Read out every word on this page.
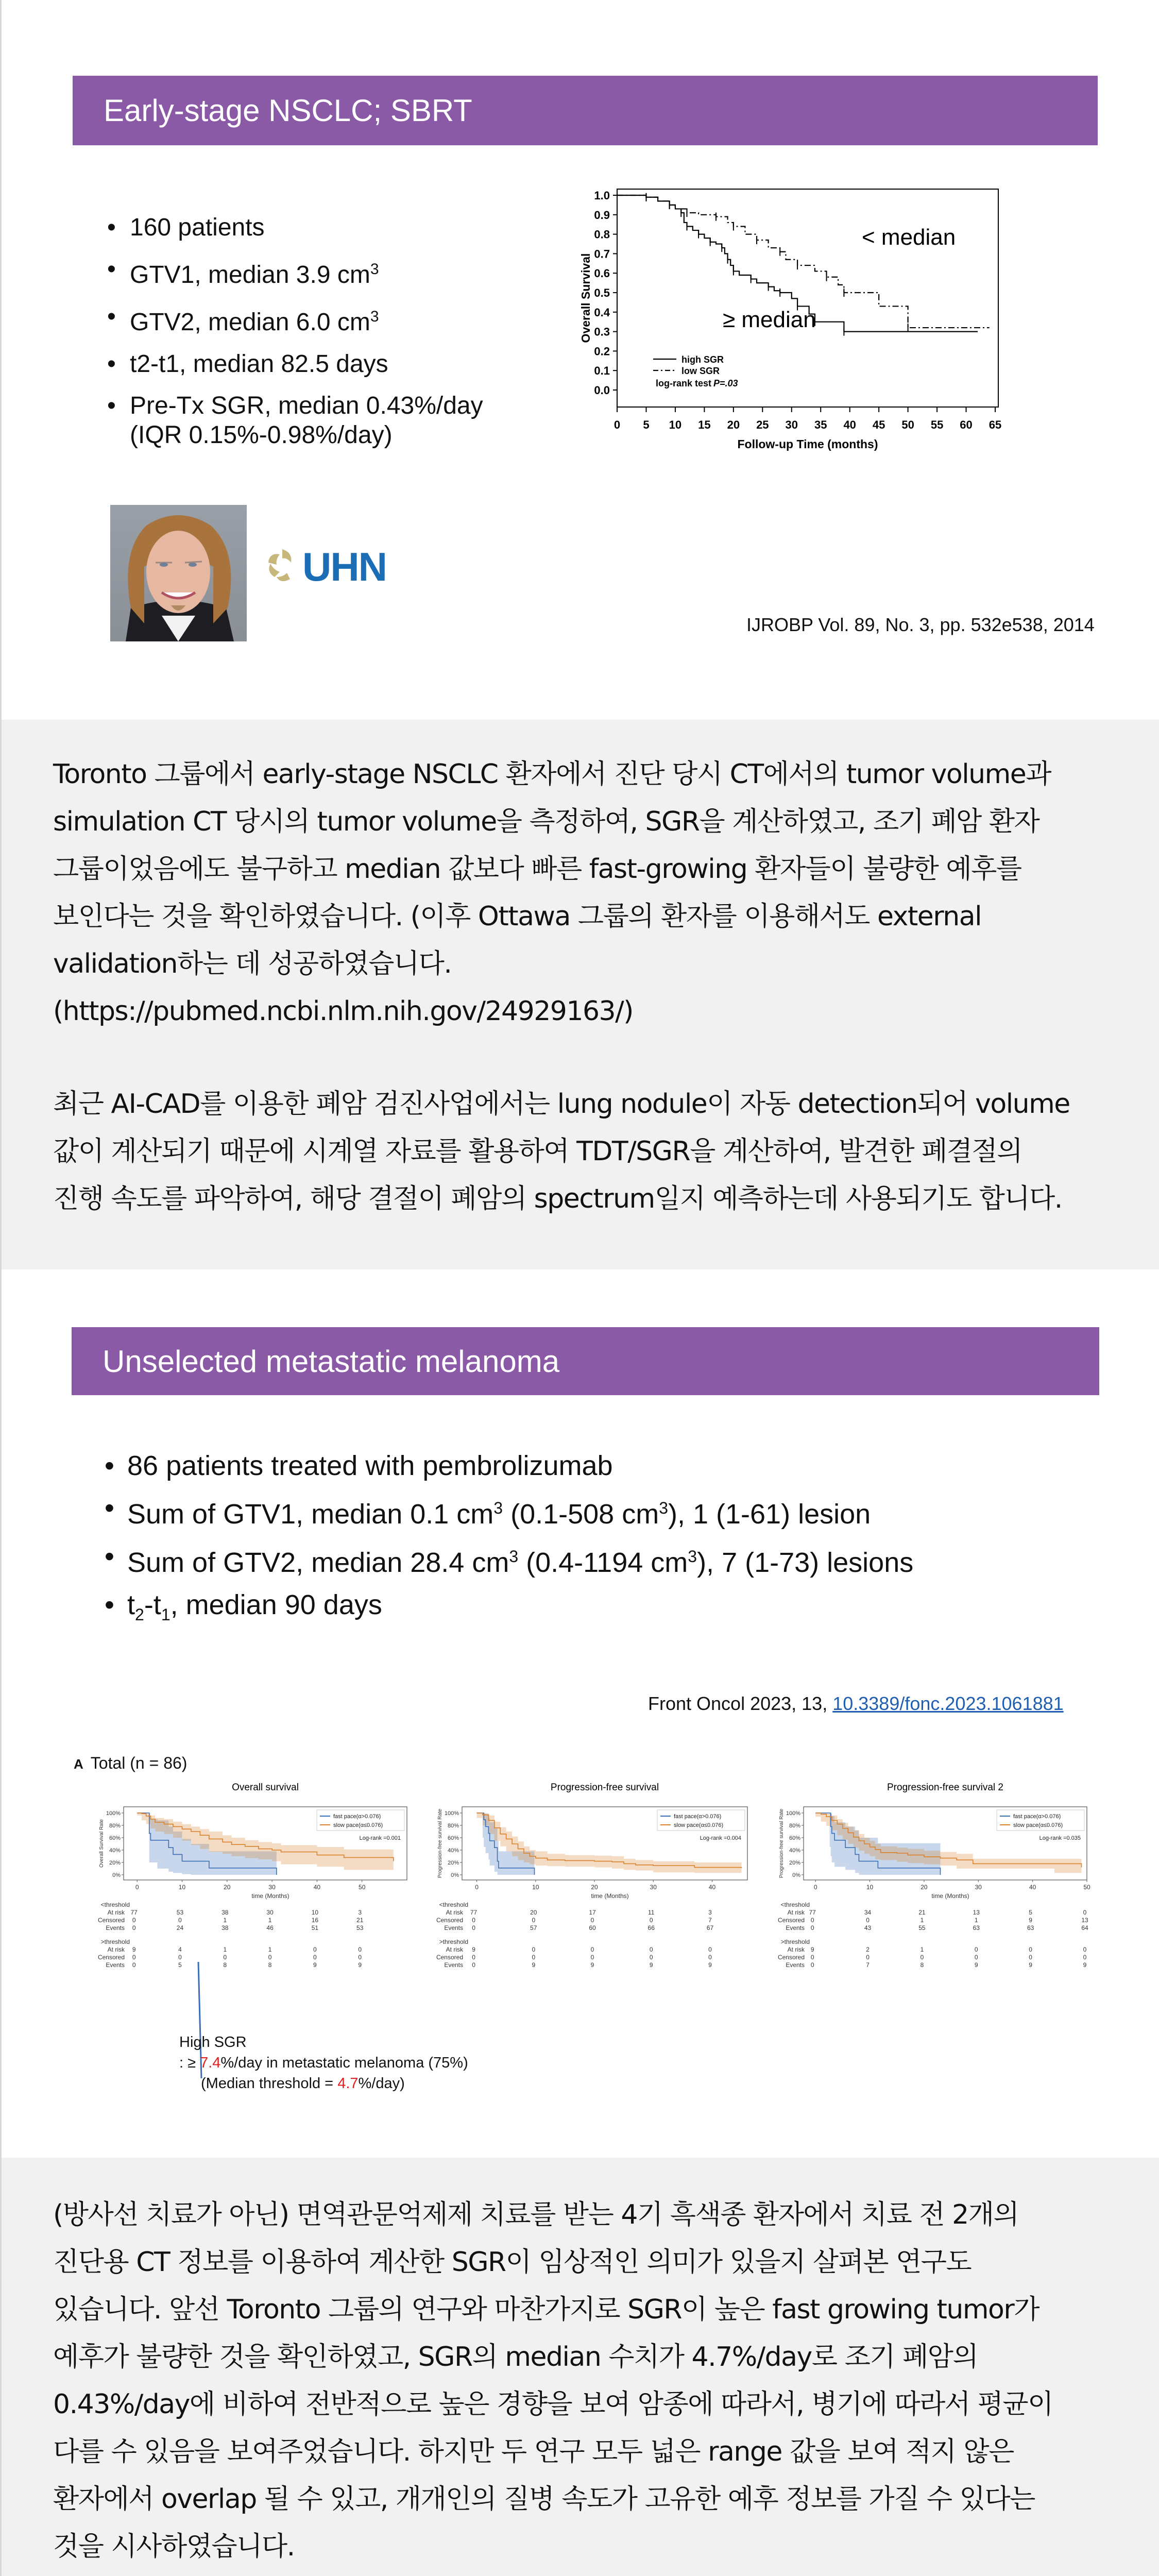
Early-stage NSCLC; SBRT
• 160 patients
• GTV1, median 3.9 $cm^3$
• GTV2, median 6.0 $cm^3$
• t2-t1, median 82.5 days
• Pre-Tx SGR, median 0.43%/day
(IQR 0.15%-0.98%/day)
UHN
0.0
0.1
0.2
0.3
0.4
0.5
0.6
0.7
0.8
0.9
1.0
0 5 10 15 20 25 30 35 40 45 50 55 60 65
Follow-up Time (months)
Overall Survival
< median
≥ median
high SGR
low SGR
log-rank test P=.03
IJROBP Vol. 89, No. 3, pp. 532e538, 2014
Toronto 그룹에서 early-stage NSCLC 환자에서 진단 당시 CT에서의 tumor volume과
simulation CT 당시의 tumor volume을 측정하여, SGR을 계산하였고, 조기 폐암 환자
그룹이었음에도 불구하고 median 값보다 빠른 fast-growing 환자들이 불량한 예후를
보인다는 것을 확인하였습니다. (이후 Ottawa 그룹의 환자를 이용해서도 external
validation하는 데 성공하였습니다.
(https://pubmed.ncbi.nlm.nih.gov/24929163/)
최근 AI-CAD를 이용한 폐암 검진사업에서는 lung nodule이 자동 detection되어 volume
값이 계산되기 때문에 시계열 자료를 활용하여 TDT/SGR을 계산하여, 발견한 폐결절의
진행 속도를 파악하여, 해당 결절이 폐암의 spectrum일지 예측하는데 사용되기도 합니다.
Unselected metastatic melanoma
• 86 patients treated with pembrolizumab
• Sum of GTV1, median 0.1 $cm^3$ (0.1-508 $cm^3$), 1 (1-61) lesion
• Sum of GTV2, median 28.4 $cm^3$ (0.4-1194 $cm^3$), 7 (1-73) lesions
• $t_2-t_1$, median 90 days
Front Oncol 2023, 13, 10.3389/fonc.2023.1061881
A Total (n = 86)
Overall survival
0%
20%
40%
60%
80%
100%
Overall Survival Rate
0	10	20	30	40	50
time (Months)
fast pace(α>0.076)
slow pace(α≤0.076)
Log-rank =0.001
<threshold
At risk 77	53	38	30	10	3
Censored 0	0	1	1	16	21
Events 0	24	38	46	51	53
>threshold
At risk 9	4	1	1	0	0
Censored 0	0	0	0	0	0
Events 0	5	8	8	9	9
Progression-free survival
0%
20%
40%
60%
80%
100%
Progression-free survival Rate
0	10	20	30	40
time (Months)
fast pace(α>0.076)
slow pace(α≤0.076)
Log-rank =0.004
<threshold
At risk 77	20	17	11	3
Censored 0	0	0	0	7
Events 0	57	60	66	67
>threshold
At risk 9	0	0	0	0
Censored 0	0	0	0	0
Events 0	9	9	9	9
Progression-free survival 2
0%
20%
40%
60%
80%
100%
Progression-free survival Rate
0	10	20	30	40	50
time (Months)
fast pace(α>0.076)
slow pace(α≤0.076)
Log-rank =0.035
<threshold
At risk 77	34	21	13	5	0
Censored 0	0	1	1	9	13
Events 0	43	55	63	63	64
>threshold
At risk 9	2	1	0	0	0
Censored 0	0	0	0	0	0
Events 0	7	8	9	9	9
High SGR
: ≥ 7.4%/day in metastatic melanoma (75%)
(Median threshold = 4.7%/day)
(방사선 치료가 아닌) 면역관문억제제 치료를 받는 4기 흑색종 환자에서 치료 전 2개의
진단용 CT 정보를 이용하여 계산한 SGR이 임상적인 의미가 있을지 살펴본 연구도
있습니다. 앞선 Toronto 그룹의 연구와 마찬가지로 SGR이 높은 fast growing tumor가
예후가 불량한 것을 확인하였고, SGR의 median 수치가 4.7%/day로 조기 폐암의
0.43%/day에 비하여 전반적으로 높은 경향을 보여 암종에 따라서, 병기에 따라서 평균이
다를 수 있음을 보여주었습니다. 하지만 두 연구 모두 넓은 range 값을 보여 적지 않은
환자에서 overlap 될 수 있고, 개개인의 질병 속도가 고유한 예후 정보를 가질 수 있다는
것을 시사하였습니다.
